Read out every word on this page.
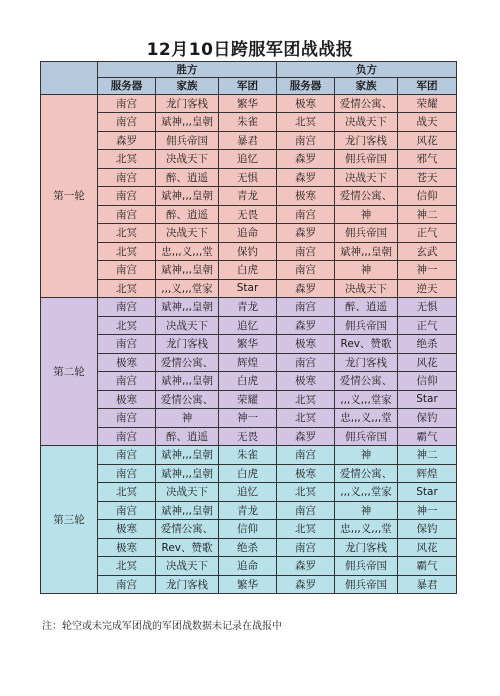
12月10日跨服军团战战报
	胜方			负方		
	服务器	家族	军团	服务器	家族	军团
第一轮	南宫	龙门客栈	繁华	极寒	爱情公寓、	荣耀
	南宫	斌神,,,皇朝	朱雀	北冥	决战天下	战天
	森罗	佣兵帝国	暴君	南宫	龙门客栈	风花
	北冥	决战天下	追忆	森罗	佣兵帝国	邪气
	南宫	醉、逍遥	无惧	森罗	决战天下	苍天
	南宫	斌神,,,皇朝	青龙	极寒	爱情公寓、	信仰
	南宫	醉、逍遥	无畏	南宫	神	神二
	北冥	决战天下	追命	森罗	佣兵帝国	正气
	北冥	忠,,,义,,,堂	保钓	南宫	斌神,,,皇朝	玄武
	南宫	斌神,,,皇朝	白虎	南宫	神	神一
	北冥	,,,义,,,堂家	Star	森罗	决战天下	逆天
第二轮	南宫	斌神,,,皇朝	青龙	南宫	醉、逍遥	无惧
	北冥	决战天下	追忆	森罗	佣兵帝国	正气
	南宫	龙门客栈	繁华	极寒	Rev、赞歌	绝杀
	极寒	爱情公寓、	辉煌	南宫	龙门客栈	风花
	南宫	斌神,,,皇朝	白虎	极寒	爱情公寓、	信仰
	极寒	爱情公寓、	荣耀	北冥	,,,义,,,堂家	Star
	南宫	神	神一	北冥	忠,,,义,,,堂	保钓
	南宫	醉、逍遥	无畏	森罗	佣兵帝国	霸气
第三轮	南宫	斌神,,,皇朝	朱雀	南宫	神	神二
	南宫	斌神,,,皇朝	白虎	极寒	爱情公寓、	辉煌
	北冥	决战天下	追忆	北冥	,,,义,,,堂家	Star
	南宫	斌神,,,皇朝	青龙	南宫	神	神一
	极寒	爱情公寓、	信仰	北冥	忠,,,义,,,堂	保钓
	极寒	Rev、赞歌	绝杀	南宫	龙门客栈	风花
	北冥	决战天下	追命	森罗	佣兵帝国	霸气
	南宫	龙门客栈	繁华	森罗	佣兵帝国	暴君
注：轮空或未完成军团战的军团战数据未记录在战报中
